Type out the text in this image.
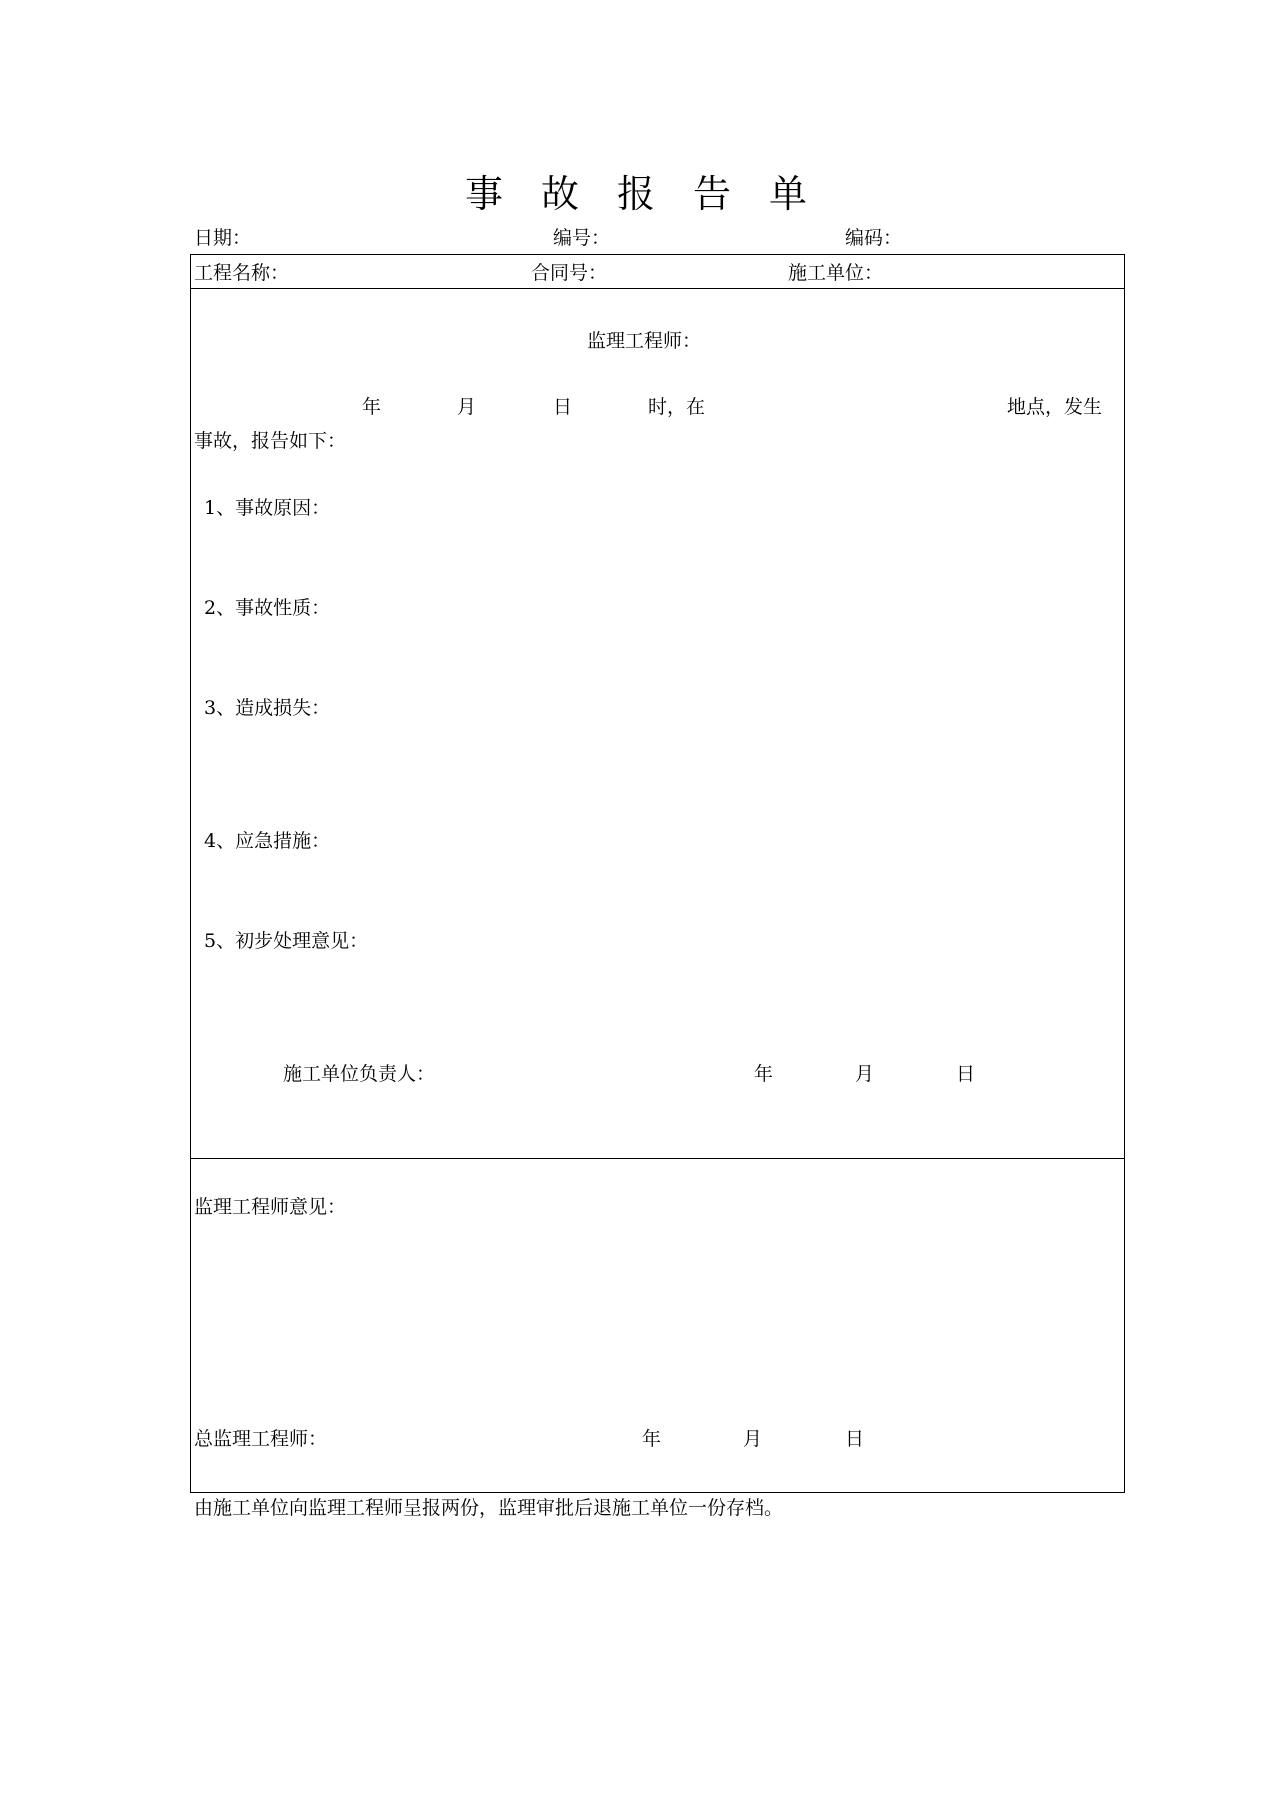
事 故 报 告 单
日期：	编号：	编码：
工程名称：	合同号：	施工单位：
监理工程师：
年	月	日	时，在	地点，发生
事故，报告如下：
1、事故原因：
2、事故性质：
3、造成损失：
4、应急措施：
5、初步处理意见：
施工单位负责人：	年	月	日
监理工程师意见：
总监理工程师：	年	月	日
由施工单位向监理工程师呈报两份，监理审批后退施工单位一份存档。
